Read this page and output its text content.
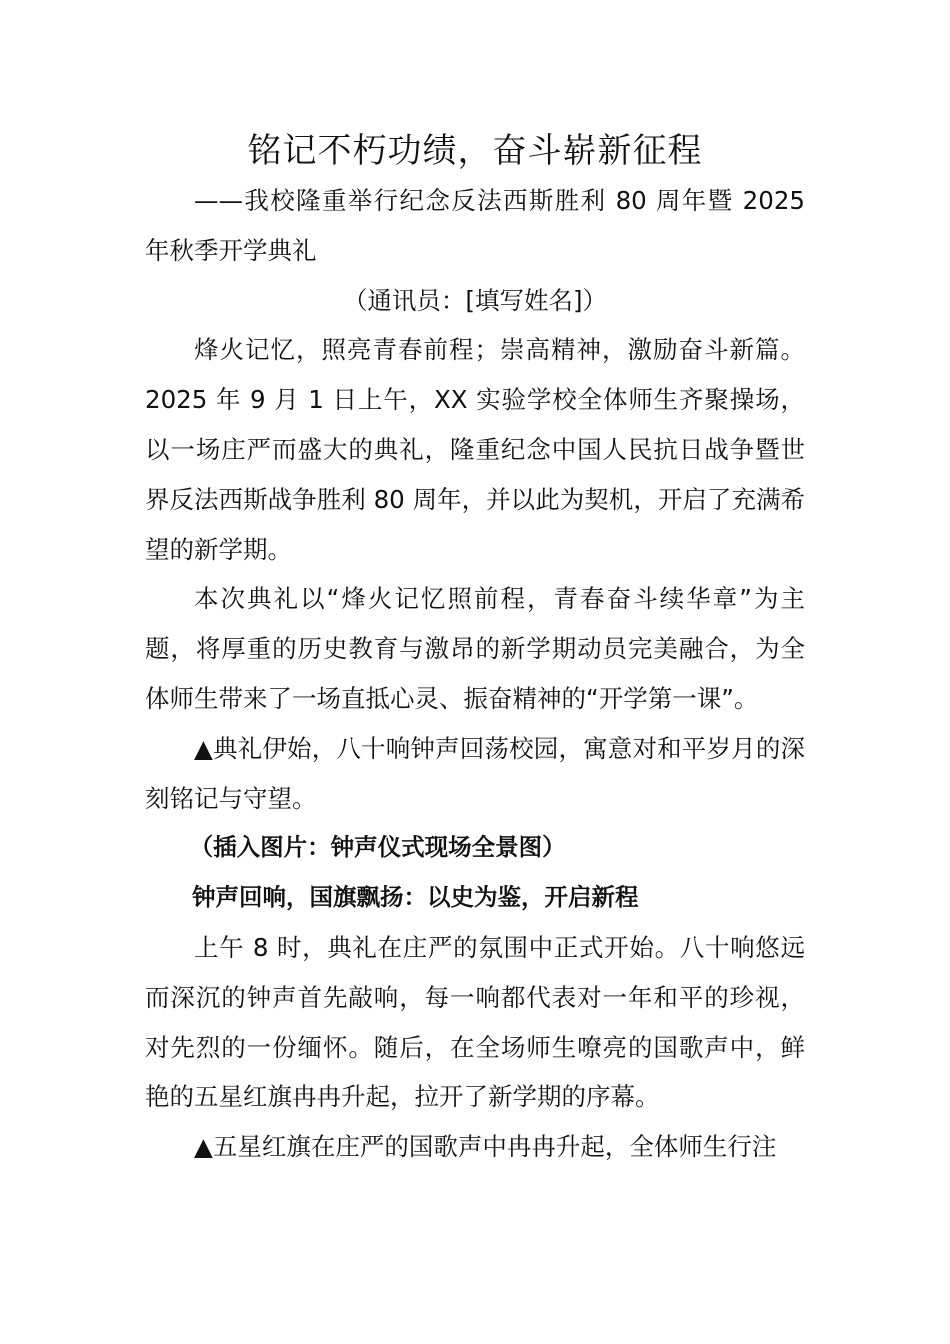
铭记不朽功绩，奋斗崭新征程

——我校隆重举行纪念反法西斯胜利 80 周年暨 2025 年秋季开学典礼

（通讯员：[填写姓名]）

烽火记忆，照亮青春前程；崇高精神，激励奋斗新篇。2025 年 9 月 1 日上午，XX 实验学校全体师生齐聚操场，以一场庄严而盛大的典礼，隆重纪念中国人民抗日战争暨世界反法西斯战争胜利 80 周年，并以此为契机，开启了充满希望的新学期。

本次典礼以“烽火记忆照前程，青春奋斗续华章”为主题，将厚重的历史教育与激昂的新学期动员完美融合，为全体师生带来了一场直抵心灵、振奋精神的“开学第一课”。

▲典礼伊始，八十响钟声回荡校园，寓意对和平岁月的深刻铭记与守望。

（插入图片：钟声仪式现场全景图）

钟声回响，国旗飘扬：以史为鉴，开启新程

上午 8 时，典礼在庄严的氛围中正式开始。八十响悠远而深沉的钟声首先敲响，每一响都代表对一年和平的珍视，对先烈的一份缅怀。随后，在全场师生嘹亮的国歌声中，鲜艳的五星红旗冉冉升起，拉开了新学期的序幕。

▲五星红旗在庄严的国歌声中冉冉升起，全体师生行注
